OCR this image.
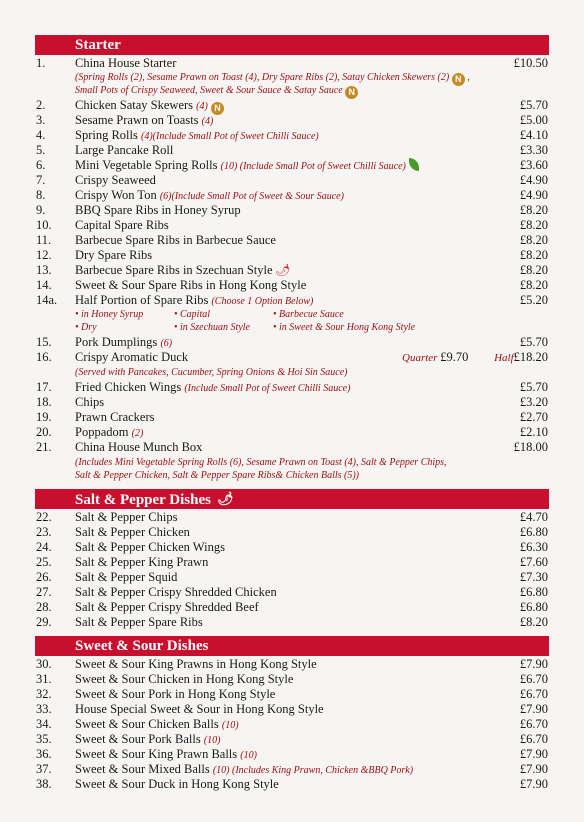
Starter
1. China House Starter	£10.50
(Spring Rolls (2), Sesame Prawn on Toast (4), Dry Spare Ribs (2), Satay Chicken Skewers (2) N ,
Small Pots of Crispy Seaweed, Sweet & Sour Sauce & Satay Sauce N
2. Chicken Satay Skewers (4) N	£5.70
3. Sesame Prawn on Toasts (4)	£5.00
4. Spring Rolls (4)(Include Small Pot of Sweet Chilli Sauce)	£4.10
5. Large Pancake Roll	£3.30
6. Mini Vegetable Spring Rolls (10) (Include Small Pot of Sweet Chilli Sauce)	£3.60
7. Crispy Seaweed	£4.90
8. Crispy Won Ton (6)(Include Small Pot of Sweet & Sour Sauce)	£4.90
9. BBQ Spare Ribs in Honey Syrup	£8.20
10. Capital Spare Ribs	£8.20
11. Barbecue Spare Ribs in Barbecue Sauce	£8.20
12. Dry Spare Ribs	£8.20
13. Barbecue Spare Ribs in Szechuan Style 🌶	£8.20
14. Sweet & Sour Spare Ribs in Hong Kong Style	£8.20
14a. Half Portion of Spare Ribs (Choose 1 Option Below)	£5.20
• in Honey Syrup	• Capital	• Barbecue Sauce
• Dry	• in Szechuan Style • in Sweet & Sour Hong Kong Style
15. Pork Dumplings (6)	£5.70
16. Crispy Aromatic Duck	Quarter £9.70 Half£18.20
(Served with Pancakes, Cucumber, Spring Onions & Hoi Sin Sauce)
17. Fried Chicken Wings (Include Small Pot of Sweet Chilli Sauce)	£5.70
18. Chips	£3.20
19. Prawn Crackers	£2.70
20. Poppadom (2)	£2.10
21. China House Munch Box	£18.00
(Includes Mini Vegetable Spring Rolls (6), Sesame Prawn on Toast (4), Salt & Pepper Chips,
Salt & Pepper Chicken, Salt & Pepper Spare Ribs& Chicken Balls (5))
Salt & Pepper Dishes 🌶
22. Salt & Pepper Chips	£4.70
23. Salt & Pepper Chicken	£6.80
24. Salt & Pepper Chicken Wings	£6.30
25. Salt & Pepper King Prawn	£7.60
26. Salt & Pepper Squid	£7.30
27. Salt & Pepper Crispy Shredded Chicken	£6.80
28. Salt & Pepper Crispy Shredded Beef	£6.80
29. Salt & Pepper Spare Ribs	£8.20
Sweet & Sour Dishes
30. Sweet & Sour King Prawns in Hong Kong Style	£7.90
31. Sweet & Sour Chicken in Hong Kong Style	£6.70
32. Sweet & Sour Pork in Hong Kong Style	£6.70
33. House Special Sweet & Sour in Hong Kong Style	£7.90
34. Sweet & Sour Chicken Balls (10)	£6.70
35. Sweet & Sour Pork Balls (10)	£6.70
36. Sweet & Sour King Prawn Balls (10)	£7.90
37. Sweet & Sour Mixed Balls (10) (Includes King Prawn, Chicken &BBQ Pork)	£7.90
38. Sweet & Sour Duck in Hong Kong Style	£7.90
